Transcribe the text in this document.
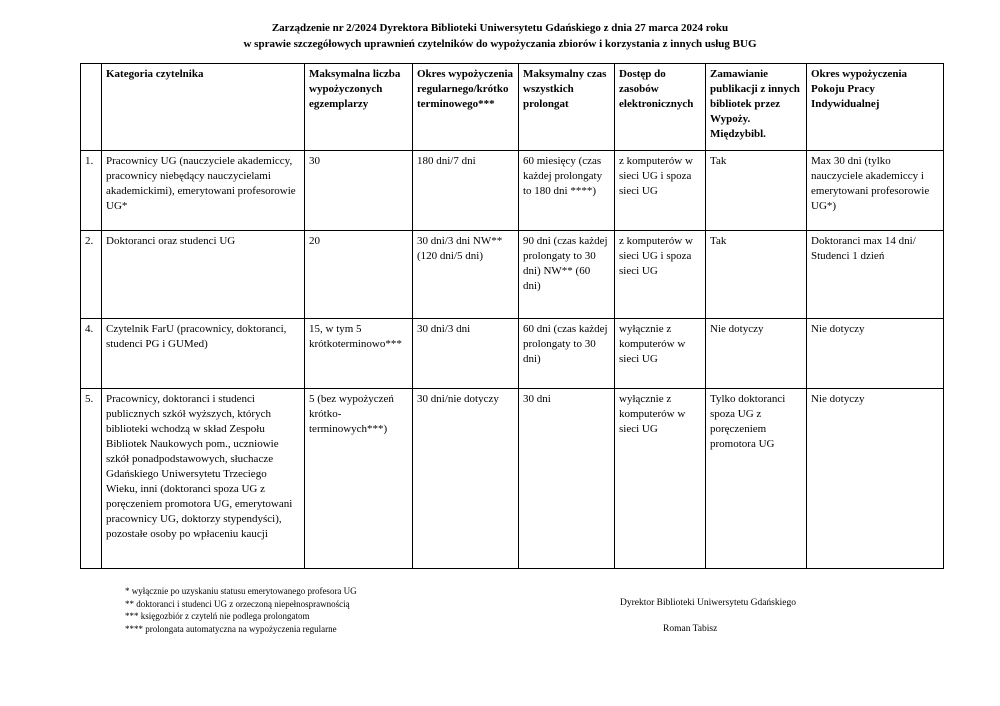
Zarządzenie nr 2/2024 Dyrektora Biblioteki Uniwersytetu Gdańskiego z dnia 27 marca 2024 roku
w sprawie szczegółowych uprawnień czytelników do wypożyczania zbiorów i korzystania z innych usług BUG
	Kategoria czytelnika	Maksymalna liczba wypożyczonych egzemplarzy	Okres wypożyczenia regularnego/krótko terminowego***	Maksymalny czas wszystkich prolongat	Dostęp do zasobów elektronicznych	Zamawianie publikacji z innych bibliotek przez Wypoży. Międzybibl.	Okres wypożyczenia Pokoju Pracy Indywidualnej
1.	Pracownicy UG (nauczyciele akademiccy, pracownicy niebędący nauczycielami akademickimi), emerytowani profesorowie UG*	30	180 dni/7 dni	60 miesięcy (czas każdej prolongaty to 180 dni ****)	z komputerów w sieci UG i spoza sieci UG	Tak	Max 30 dni (tylko nauczyciele akademiccy i emerytowani profesorowie UG*)
2.	Doktoranci oraz studenci UG	20	30 dni/3 dni NW**(120 dni/5 dni)	90 dni (czas każdej prolongaty to 30 dni) NW** (60 dni)	z komputerów w sieci UG i spoza sieci UG	Tak	Doktoranci max 14 dni/ Studenci 1 dzień
4.	Czytelnik FarU (pracownicy, doktoranci, studenci PG i GUMed)	15, w tym 5 krótkoterminowo***	30 dni/3 dni	60 dni (czas każdej prolongaty to 30 dni)	wyłącznie z komputerów w sieci UG	Nie dotyczy	Nie dotyczy
5.	Pracownicy, doktoranci i studenci publicznych szkół wyższych, których biblioteki wchodzą w skład Zespołu Bibliotek Naukowych pom., uczniowie szkół ponadpodstawowych, słuchacze Gdańskiego Uniwersytetu Trzeciego Wieku, inni (doktoranci spoza UG z poręczeniem promotora UG, emerytowani pracownicy UG, doktorzy stypendyści), pozostałe osoby po wpłaceniu kaucji	5 (bez wypożyczeń krótko-terminowych***)	30 dni/nie dotyczy	30 dni	wyłącznie z komputerów w sieci UG	Tylko doktoranci spoza UG z poręczeniem promotora UG	Nie dotyczy
* wyłącznie po uzyskaniu statusu emerytowanego profesora UG
** doktoranci i studenci UG z orzeczoną niepełnosprawnością
*** księgozbiór z czytelń nie podlega prolongatom
**** prolongata automatyczna na wypożyczenia regularne
Dyrektor Biblioteki Uniwersytetu Gdańskiego
Roman Tabisz
